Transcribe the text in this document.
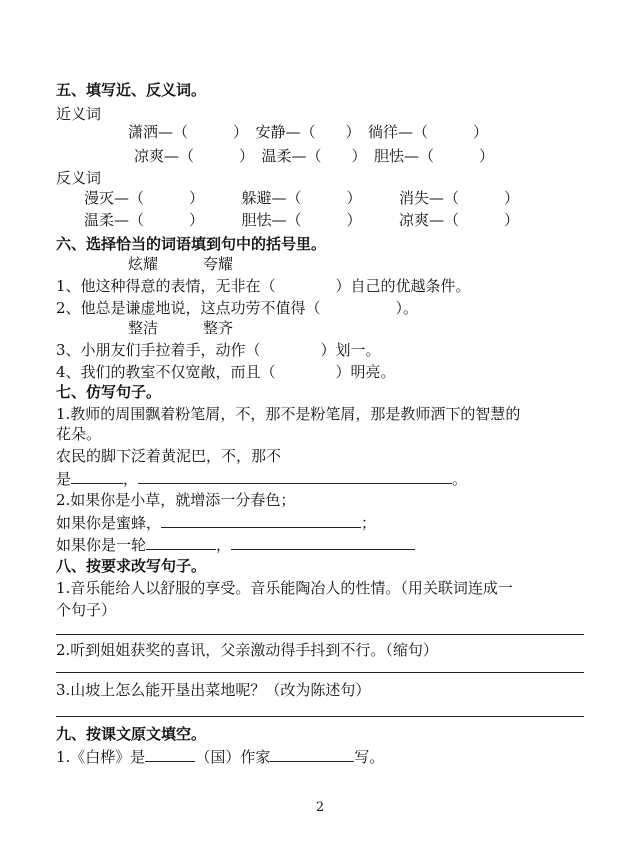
五、填写近、反义词。
近义词
潇洒—（　　　）　安静—（　　）　徜徉—（　　　）
凉爽—（　　　）　温柔—（　　）　胆怯—（　　　）
反义词
漫灭—（　　　）　　　躲避—（　　　）　　　消失—（　　　）
温柔—（　　　）　　　胆怯—（　　　）　　　凉爽—（　　　）
六、选择恰当的词语填到句中的括号里。
炫耀　　　夸耀
1、他这种得意的表情，无非在（　　　　）自己的优越条件。
2、他总是谦虚地说，这点功劳不值得（　　　　　）。
整洁　　　整齐
3、小朋友们手拉着手，动作（　　　　）划一。
4、我们的教室不仅宽敞，而且（　　　　）明亮。
七、仿写句子。
1.教师的周围飘着粉笔屑，不，那不是粉笔屑，那是教师洒下的智慧的
花朵。
农民的脚下泛着黄泥巴，不，那不
是	，	。
2.如果你是小草，就增添一分春色；
如果你是蜜蜂，	；
如果你是一轮	，
八、按要求改写句子。
1.音乐能给人以舒服的享受。音乐能陶冶人的性情。（用关联词连成一
个句子）
2.听到姐姐获奖的喜讯，父亲激动得手抖到不行。（缩句）
3.山坡上怎么能开垦出菜地呢？（改为陈述句）
九、按课文原文填空。
1.《白桦》是	（国）作家	写。
2
